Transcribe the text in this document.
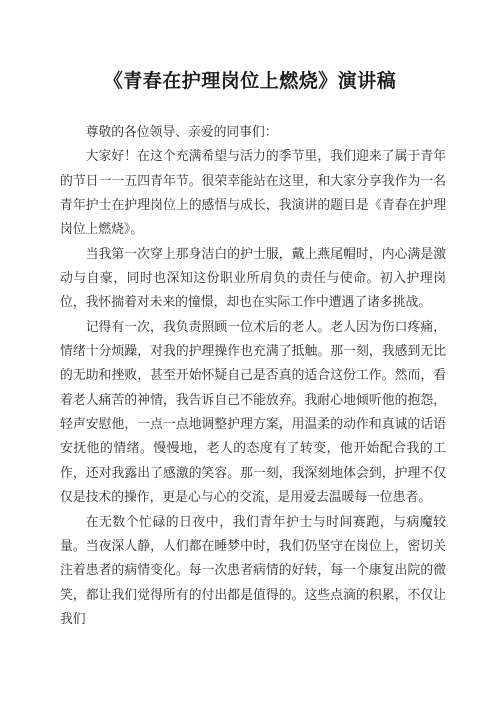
《青春在护理岗位上燃烧》演讲稿

尊敬的各位领导、亲爱的同事们：

大家好！在这个充满希望与活力的季节里，我们迎来了属于青年的节日一一五四青年节。很荣幸能站在这里，和大家分享我作为一名青年护士在护理岗位上的感悟与成长，我演讲的题目是《青春在护理岗位上燃烧》。

当我第一次穿上那身洁白的护士服，戴上燕尾帽时，内心满是激动与自豪，同时也深知这份职业所肩负的责任与使命。初入护理岗位，我怀揣着对未来的憧憬，却也在实际工作中遭遇了诸多挑战。

记得有一次，我负责照顾一位术后的老人。老人因为伤口疼痛，情绪十分烦躁，对我的护理操作也充满了抵触。那一刻，我感到无比的无助和挫败，甚至开始怀疑自己是否真的适合这份工作。然而，看着老人痛苦的神情，我告诉自己不能放弃。我耐心地倾听他的抱怨，轻声安慰他，一点一点地调整护理方案，用温柔的动作和真诚的话语安抚他的情绪。慢慢地，老人的态度有了转变，他开始配合我的工作，还对我露出了感激的笑容。那一刻，我深刻地体会到，护理不仅仅是技术的操作，更是心与心的交流，是用爱去温暖每一位患者。

在无数个忙碌的日夜中，我们青年护士与时间赛跑，与病魔较量。当夜深人静，人们都在睡梦中时，我们仍坚守在岗位上，密切关注着患者的病情变化。每一次患者病情的好转，每一个康复出院的微笑，都让我们觉得所有的付出都是值得的。这些点滴的积累，不仅让我们
